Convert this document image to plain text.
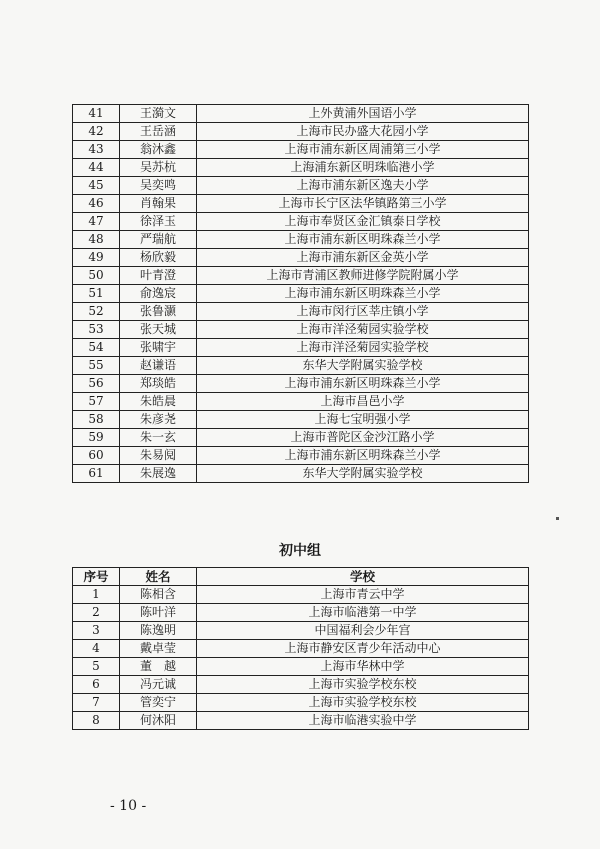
41	王漪文	上外黄浦外国语小学
42	王岳涵	上海市民办盛大花园小学
43	翁沐鑫	上海市浦东新区周浦第三小学
44	吴苏杭	上海浦东新区明珠临港小学
45	吴奕鸣	上海市浦东新区逸夫小学
46	肖翰果	上海市长宁区法华镇路第三小学
47	徐泽玉	上海市奉贤区金汇镇泰日学校
48	严瑞航	上海市浦东新区明珠森兰小学
49	杨欣毅	上海市浦东新区金英小学
50	叶青澄	上海市青浦区教师进修学院附属小学
51	俞逸宸	上海市浦东新区明珠森兰小学
52	张鲁灏	上海市闵行区莘庄镇小学
53	张天城	上海市洋泾菊园实验学校
54	张啸宇	上海市洋泾菊园实验学校
55	赵谦语	东华大学附属实验学校
56	郑琰皓	上海市浦东新区明珠森兰小学
57	朱皓晨	上海市昌邑小学
58	朱彦尧	上海七宝明强小学
59	朱一玄	上海市普陀区金沙江路小学
60	朱易阋	上海市浦东新区明珠森兰小学
61	朱展逸	东华大学附属实验学校
初中组
序号	姓名	学校
1	陈相含	上海市青云中学
2	陈叶洋	上海市临港第一中学
3	陈逸明	中国福利会少年宫
4	戴卓莹	上海市静安区青少年活动中心
5	董　越	上海市华林中学
6	冯元诚	上海市实验学校东校
7	管奕宁	上海市实验学校东校
8	何沐阳	上海市临港实验中学
- 10 -
